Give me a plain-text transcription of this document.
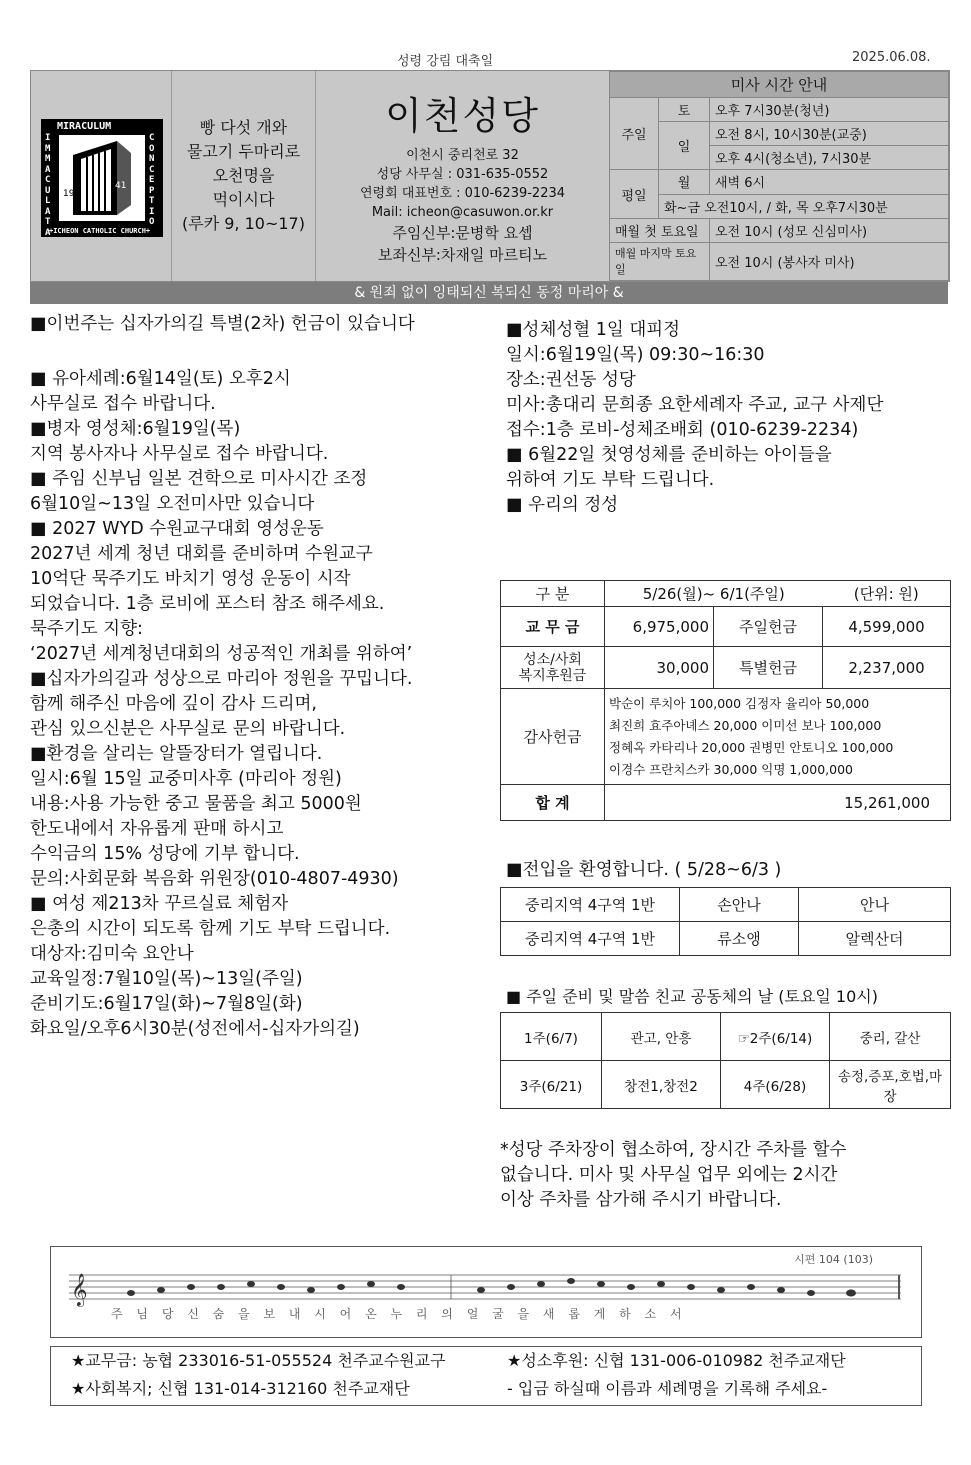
성령 강림 대축일	2025.06.08.
MIRACULUM
IMMACULATA
CONCEPTIO
+ICHEON CATHOLIC CHURCH+
19
41
빵 다섯 개와
물고기 두마리로
오천명을
먹이시다
(루카 9, 10~17)
이천성당
이천시 중리천로 32
성당 사무실 : 031-635-0552
연령회 대표번호 : 010-6239-2234
Mail: icheon@casuwon.or.kr
주임신부:문병학 요셉
보좌신부:차재일 마르티노
미사 시간 안내		
주일	토	오후 7시30분(청년)
	일	오전 8시, 10시30분(교중)
		오후 4시(청소년), 7시30분
평일	월	새벽 6시
	화~금 오전10시, / 화, 목 오후7시30분	
매월 첫 토요일		오전 10시 (성모 신심미사)
매월 마지막 토요일		오전 10시 (봉사자 미사)
& 원죄 없이 잉태되신 복되신 동정 마리아 &

■이번주는 십자가의길 특별(2차) 헌금이 있습니다

■ 유아세례:6월14일(토) 오후2시
사무실로 접수 바랍니다.

■병자 영성체:6월19일(목)
지역 봉사자나 사무실로 접수 바랍니다.

■ 주임 신부님 일본 견학으로 미사시간 조정
6월10일~13일 오전미사만 있습니다

■ 2027 WYD 수원교구대회 영성운동
2027년 세계 청년 대회를 준비하며 수원교구
10억단 묵주기도 바치기 영성 운동이 시작
되었습니다. 1층 로비에 포스터 참조 해주세요.
묵주기도 지향:
‘2027년 세계청년대회의 성공적인 개최를 위하여’

■십자가의길과 성상으로 마리아 정원을 꾸밉니다.
함께 해주신 마음에 깊이 감사 드리며,
관심 있으신분은 사무실로 문의 바랍니다.

■환경을 살리는 알뜰장터가 열립니다.
일시:6월 15일 교중미사후 (마리아 정원)
내용:사용 가능한 중고 물품을 최고 5000원
한도내에서 자유롭게 판매 하시고
수익금의 15% 성당에 기부 합니다.
문의:사회문화 복음화 위원장(010-4807-4930)

■ 여성 제213차 꾸르실료 체험자
은총의 시간이 되도록 함께 기도 부탁 드립니다.
대상자:김미숙 요안나
교육일정:7월10일(목)~13일(주일)
준비기도:6월17일(화)~7월8일(화)
화요일/오후6시30분(성전에서-십자가의길)

■성체성혈 1일 대피정
일시:6월19일(목) 09:30~16:30
장소:권선동 성당
미사:총대리 문희종 요한세례자 주교, 교구 사제단
접수:1층 로비-성체조배회 (010-6239-2234)

■ 6월22일 첫영성체를 준비하는 아이들을
위하여 기도 부탁 드립니다.

■ 우리의 정성

구 분	5/26(월)~ 6/1(주일)		(단위: 원)
교 무 금	6,975,000	주일헌금	4,599,000
성소/사회
복지후원금	30,000	특별헌금	2,237,000
감사헌금	박순이 루치아 100,000 김정자 율리아 50,000
최진희 효주아녜스 20,000 이미선 보나 100,000
정혜옥 카타리나 20,000 권병민 안토니오 100,000
이경수 프란치스카 30,000 익명 1,000,000		
합 계	15,261,000		
■전입을 환영합니다. ( 5/28~6/3 )
중리지역 4구역 1반	손안나	안나
중리지역 4구역 1반	류소앵	알렉산더
■ 주일 준비 및 말씀 친교 공동체의 날 (토요일 10시)
1주(6/7)	관고, 안흥	☞2주(6/14)	중리, 갈산
3주(6/21)	창전1,창전2	4주(6/28)	송정,증포,호법,마장

*성당 주차장이 협소하여, 장시간 주차를 할수
없습니다. 미사 및 사무실 업무 외에는 2시간
이상 주차를 삼가해 주시기 바랍니다.

𝄞
시편 104 (103)
주 님 당 신 숨 을 보 내 시 어 온 누 리 의 얼 굴 을 새 롭 게 하 소 서
★교무금: 농협 233016-51-055524 천주교수원교구	★성소후원: 신협 131-006-010982 천주교재단
★사회복지; 신협 131-014-312160 천주교재단	- 입금 하실때 이름과 세례명을 기록해 주세요-
